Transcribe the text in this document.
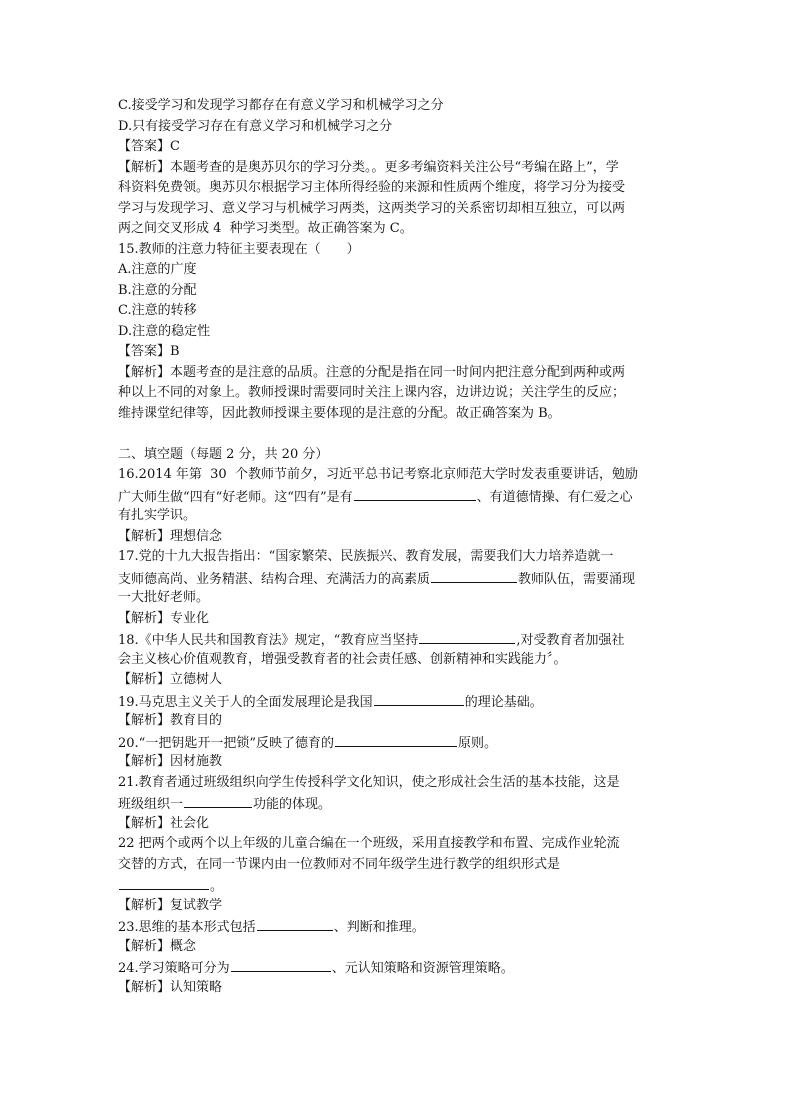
C.接受学习和发现学习都存在有意义学习和机械学习之分
D.只有接受学习存在有意义学习和机械学习之分
【答案】C
【解析】本题考查的是奥苏贝尔的学习分类。。更多考编资料关注公号“考编在路上”，学
科资料免费领。奥苏贝尔根据学习主体所得经验的来源和性质两个维度，将学习分为接受
学习与发现学习、意义学习与机械学习两类，这两类学习的关系密切却相互独立，可以两
两之间交叉形成 4  种学习类型。故正确答案为 C。
15.教师的注意力特征主要表现在（　　）
A.注意的广度
B.注意的分配
C.注意的转移
D.注意的稳定性
【答案】B
【解析】本题考查的是注意的品质。注意的分配是指在同一时间内把注意分配到两种或两
种以上不同的对象上。教师授课时需要同时关注上课内容，边讲边说；关注学生的反应；
维持课堂纪律等，因此教师授课主要体现的是注意的分配。故正确答案为 B。
二、填空题（每题 2 分，共 20 分）
16.2014 年第  30  个教师节前夕，习近平总书记考察北京师范大学时发表重要讲话，勉励
广大师生做“四有“好老师。这“四有”是有	、有道德情操、有仁爱之心
有扎实学识。
【解析】理想信念
17.党的十九大报告指出：“国家繁荣、民族振兴、教育发展，需要我们大力培养造就一
支师德高尚、业务精湛、结构合理、充满活力的高素质	教师队伍，需要涌现
一大批好老师。
【解析】专业化
18.《中华人民共和国教育法》规定，“教育应当坚持	,对受教育者加强社
会主义核心价值观教育，增强受教育者的社会责任感、创新精神和实践能力〞。
【解析】立德树人
19.马克思主义关于人的全面发展理论是我国	的理论基础。
【解析】教育目的
20.“一把钥匙开一把锁”反映了德育的	原则。
【解析】因材施教
21.教育者通过班级组织向学生传授科学文化知识，使之形成社会生活的基本技能，这是
班级组织一	功能的体现。
【解析】社会化
22 把两个或两个以上年级的儿童合编在一个班级，采用直接教学和布置、完成作业轮流
交替的方式，在同一节课内由一位教师对不同年级学生进行教学的组织形式是
。
【解析】复试教学
23.思维的基本形式包括	、判断和推理。
【解析】概念
24.学习策略可分为	、元认知策略和资源管理策略。
【解析】认知策略
